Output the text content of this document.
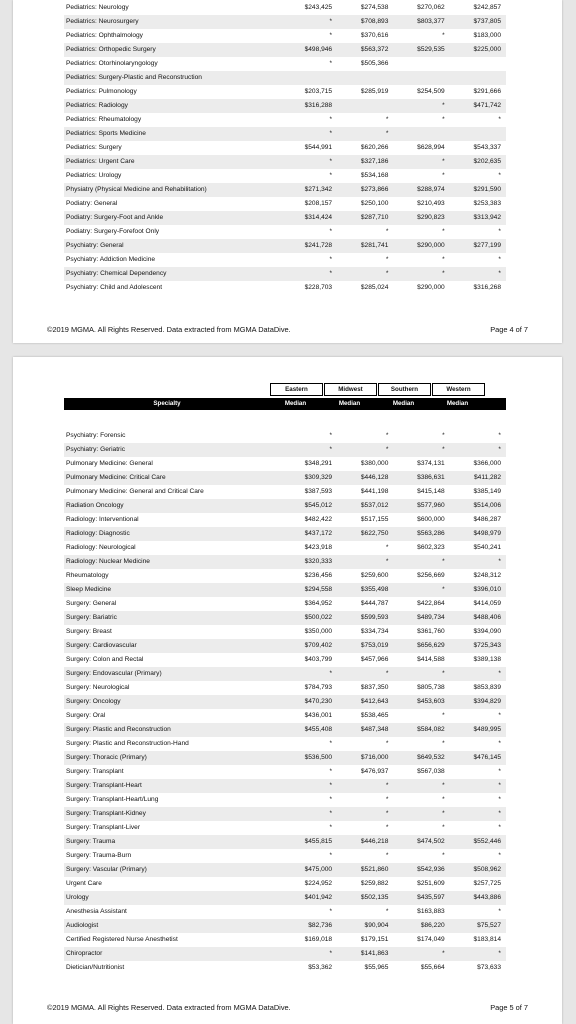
Pediatrics: Neurology	$243,425	$274,538	$270,062	$242,857
Pediatrics: Neurosurgery	*	$708,893	$803,377	$737,805
Pediatrics: Ophthalmology	*	$370,616	*	$183,000
Pediatrics: Orthopedic Surgery	$498,946	$563,372	$529,535	$225,000
Pediatrics: Otorhinolaryngology	*	$505,366		
Pediatrics: Surgery-Plastic and Reconstruction				
Pediatrics: Pulmonology	$203,715	$285,919	$254,509	$291,666
Pediatrics: Radiology	$316,288		*	$471,742
Pediatrics: Rheumatology	*	*	*	*
Pediatrics: Sports Medicine	*	*		
Pediatrics: Surgery	$544,991	$620,266	$628,994	$543,337
Pediatrics: Urgent Care	*	$327,186	*	$202,635
Pediatrics: Urology	*	$534,168	*	*
Physiatry (Physical Medicine and Rehabilitation)	$271,342	$273,866	$288,974	$291,590
Podiatry: General	$208,157	$250,100	$210,493	$253,383
Podiatry: Surgery-Foot and Ankle	$314,424	$287,710	$290,823	$313,942
Podiatry: Surgery-Forefoot Only	*	*	*	*
Psychiatry: General	$241,728	$281,741	$290,000	$277,199
Psychiatry: Addiction Medicine	*	*	*	*
Psychiatry: Chemical Dependency	*	*	*	*
Psychiatry: Child and Adolescent	$228,703	$285,024	$290,000	$316,268
©2019 MGMA. All Rights Reserved. Data extracted from MGMA DataDive.	Page 4 of 7
Eastern	Midwest	Southern	Western
Specialty	Median	Median	Median	Median
Psychiatry: Forensic	*	*	*	*
Psychiatry: Geriatric	*	*	*	*
Pulmonary Medicine: General	$348,291	$380,000	$374,131	$366,000
Pulmonary Medicine: Critical Care	$309,329	$446,128	$386,631	$411,282
Pulmonary Medicine: General and Critical Care	$387,593	$441,198	$415,148	$385,149
Radiation Oncology	$545,012	$537,012	$577,960	$514,006
Radiology: Interventional	$482,422	$517,155	$600,000	$486,287
Radiology: Diagnostic	$437,172	$622,750	$563,286	$498,979
Radiology: Neurological	$423,918	*	$602,323	$540,241
Radiology: Nuclear Medicine	$320,333	*	*	*
Rheumatology	$236,456	$259,600	$256,669	$248,312
Sleep Medicine	$294,558	$355,498	*	$396,010
Surgery: General	$364,952	$444,787	$422,864	$414,059
Surgery: Bariatric	$500,022	$599,593	$489,734	$488,406
Surgery: Breast	$350,000	$334,734	$361,760	$394,090
Surgery: Cardiovascular	$709,402	$753,019	$656,629	$725,343
Surgery: Colon and Rectal	$403,799	$457,966	$414,588	$389,138
Surgery: Endovascular (Primary)	*	*	*	*
Surgery: Neurological	$784,793	$837,350	$805,738	$853,839
Surgery: Oncology	$470,230	$412,643	$453,603	$394,829
Surgery: Oral	$436,001	$538,465	*	*
Surgery: Plastic and Reconstruction	$455,408	$487,348	$584,082	$489,995
Surgery: Plastic and Reconstruction-Hand	*	*	*	*
Surgery: Thoracic (Primary)	$536,500	$716,000	$649,532	$476,145
Surgery: Transplant	*	$476,937	$567,038	*
Surgery: Transplant-Heart	*	*	*	*
Surgery: Transplant-Heart/Lung	*	*	*	*
Surgery: Transplant-Kidney	*	*	*	*
Surgery: Transplant-Liver	*	*	*	*
Surgery: Trauma	$455,815	$446,218	$474,502	$552,446
Surgery: Trauma-Burn	*	*	*	*
Surgery: Vascular (Primary)	$475,000	$521,860	$542,936	$508,962
Urgent Care	$224,952	$259,882	$251,609	$257,725
Urology	$401,942	$502,135	$435,597	$443,886
Anesthesia Assistant	*	*	$163,883	*
Audiologist	$82,736	$90,904	$86,220	$75,527
Certified Registered Nurse Anesthetist	$169,018	$179,151	$174,049	$183,814
Chiropractor	*	$141,863	*	*
Dietician/Nutritionist	$53,362	$55,965	$55,664	$73,633
©2019 MGMA. All Rights Reserved. Data extracted from MGMA DataDive.	Page 5 of 7
